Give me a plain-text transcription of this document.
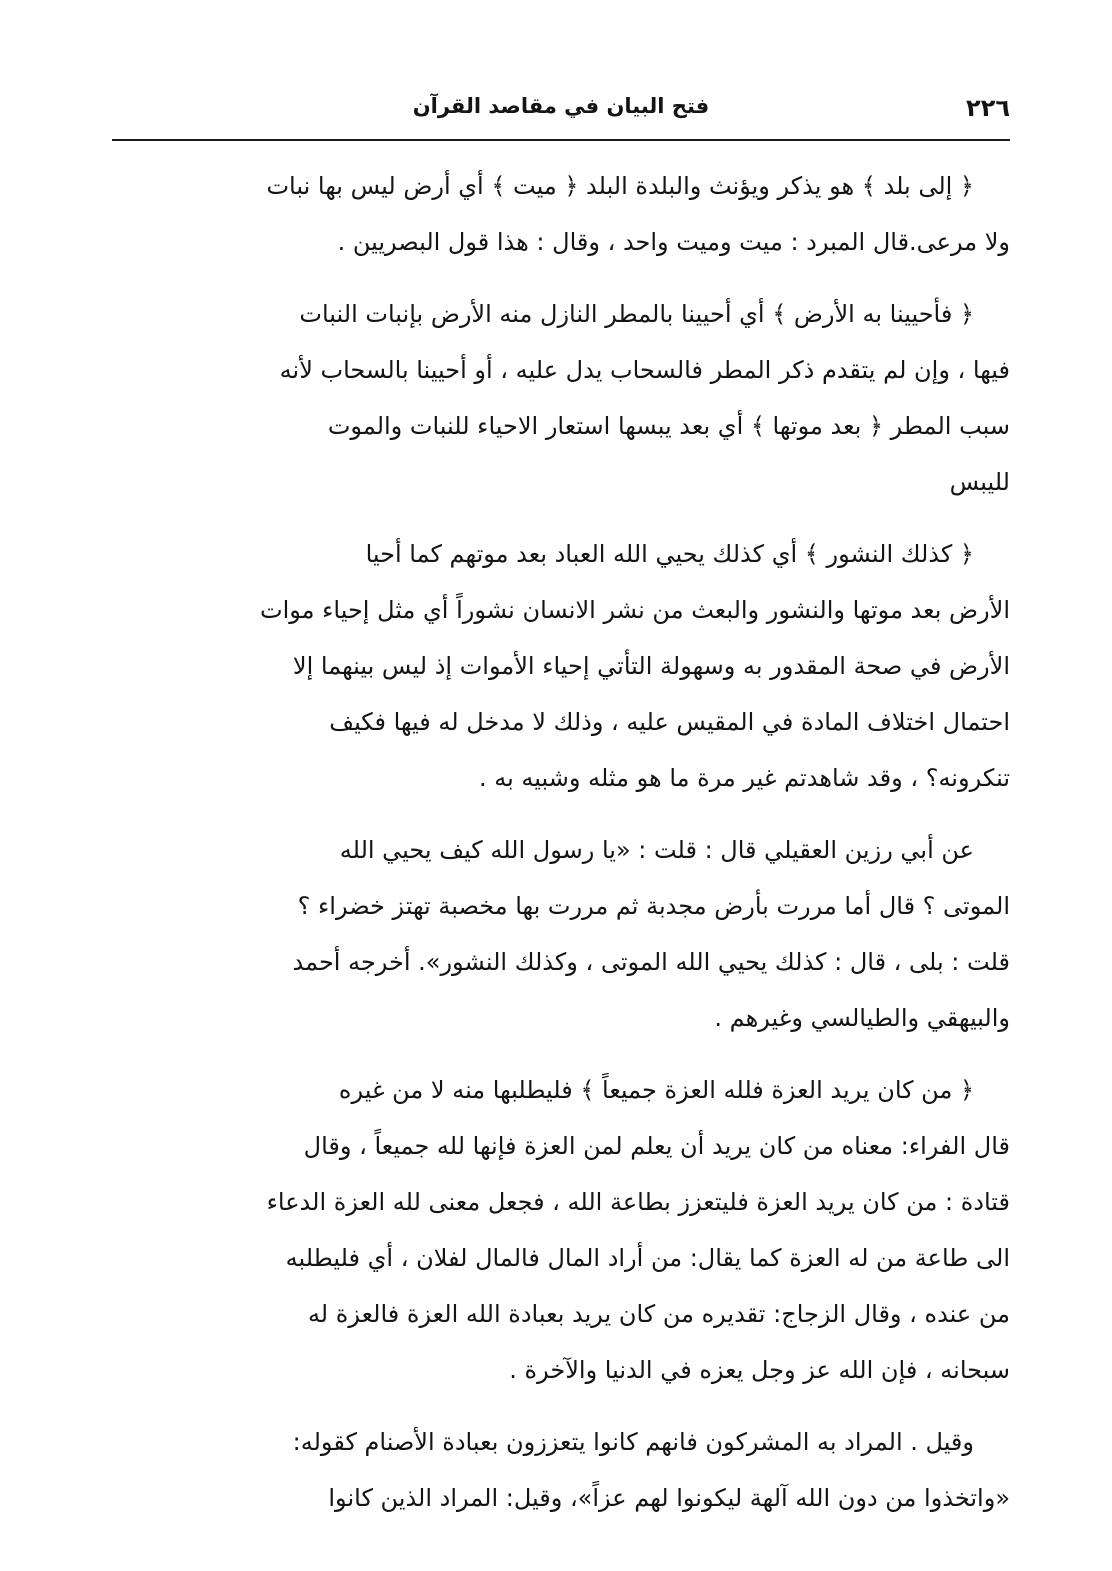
٢٢٦
فتح البيان في مقاصد القرآن

﴿ إلى بلد ﴾ هو يذكر ويؤنث والبلدة البلد ﴿ ميت ﴾ أي أرض ليس بها نبات
ولا مرعى.قال المبرد : ميت وميت واحد ، وقال : هذا قول البصريين .

﴿ فأحيينا به الأرض ﴾ أي أحيينا بالمطر النازل منه الأرض بإنبات النبات
فيها ، وإن لم يتقدم ذكر المطر فالسحاب يدل عليه ، أو أحيينا بالسحاب لأنه
سبب المطر ﴿ بعد موتها ﴾ أي بعد يبسها استعار الاحياء للنبات والموت
لليبس

﴿ كذلك النشور ﴾ أي كذلك يحيي الله العباد بعد موتهم كما أحيا
الأرض بعد موتها والنشور والبعث من نشر الانسان نشوراً أي مثل إحياء موات
الأرض في صحة المقدور به وسهولة التأتي إحياء الأموات إذ ليس بينهما إلا
احتمال اختلاف المادة في المقيس عليه ، وذلك لا مدخل له فيها فكيف
تنكرونه؟ ، وقد شاهدتم غير مرة ما هو مثله وشبيه به .

عن أبي رزين العقيلي قال : قلت : «يا رسول الله كيف يحيي الله
الموتى ؟ قال أما مررت بأرض مجدبة ثم مررت بها مخصبة تهتز خضراء ؟
قلت : بلى ، قال : كذلك يحيي الله الموتى ، وكذلك النشور». أخرجه أحمد
والبيهقي والطيالسي وغيرهم .

﴿ من كان يريد العزة فلله العزة جميعاً ﴾ فليطلبها منه لا من غيره
قال الفراء: معناه من كان يريد أن يعلم لمن العزة فإنها لله جميعاً ، وقال
قتادة : من كان يريد العزة فليتعزز بطاعة الله ، فجعل معنى لله العزة الدعاء
الى طاعة من له العزة كما يقال: من أراد المال فالمال لفلان ، أي فليطلبه
من عنده ، وقال الزجاج: تقديره من كان يريد بعبادة الله العزة فالعزة له
سبحانه ، فإن الله عز وجل يعزه في الدنيا والآخرة .

وقيل . المراد به المشركون فانهم كانوا يتعززون بعبادة الأصنام كقوله:
«واتخذوا من دون الله آلهة ليكونوا لهم عزاً»، وقيل: المراد الذين كانوا
